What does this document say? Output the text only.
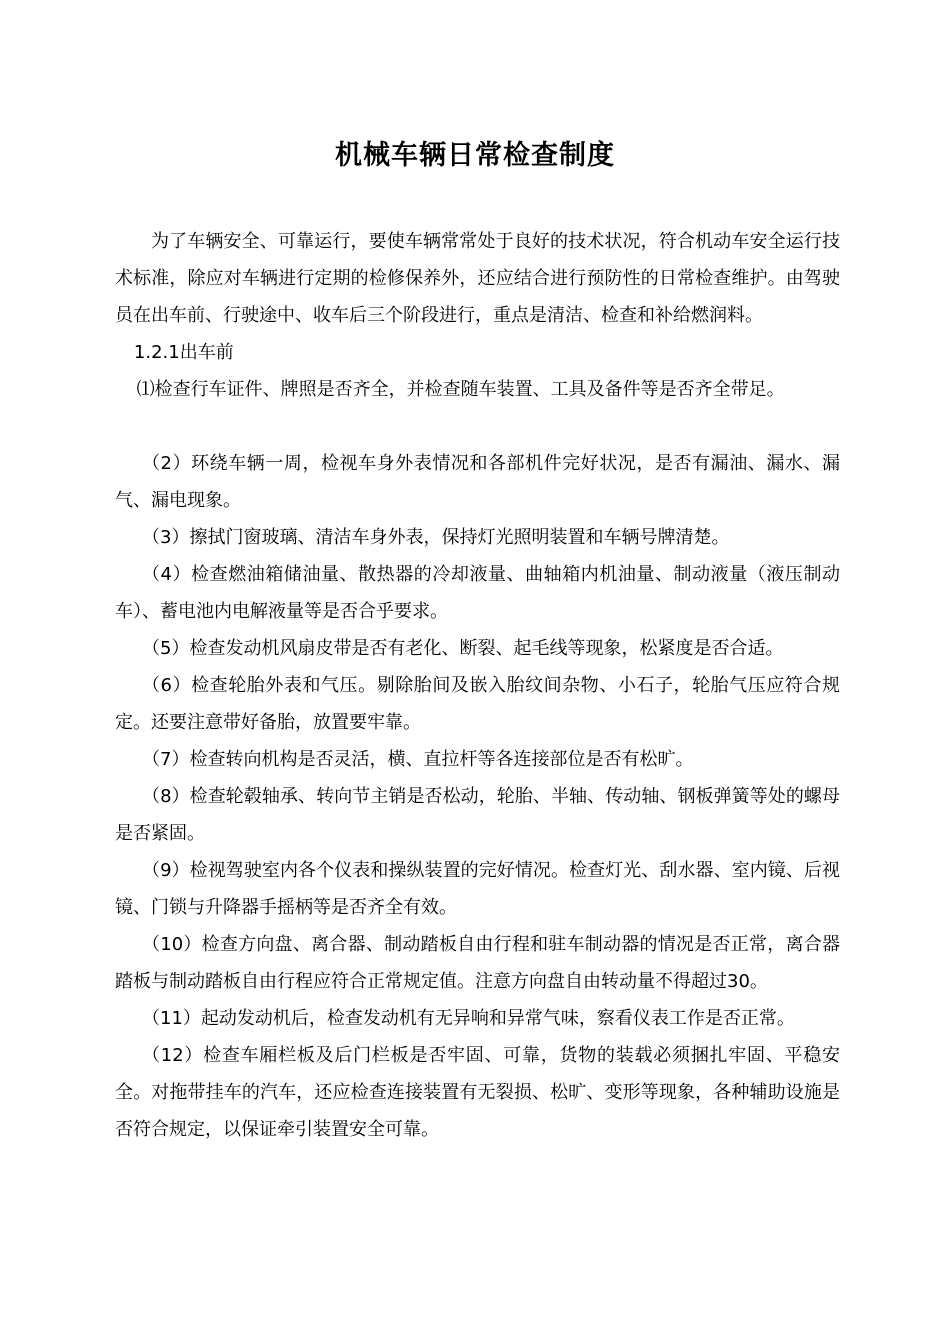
机械车辆日常检查制度

为了车辆安全、可靠运行，要使车辆常常处于良好的技术状况，符合机动车安全运行技术标准，除应对车辆进行定期的检修保养外，还应结合进行预防性的日常检查维护。由驾驶员在出车前、行驶途中、收车后三个阶段进行，重点是清洁、检查和补给燃润料。

1.2.1出车前

⑴检查行车证件、牌照是否齐全，并检查随车装置、工具及备件等是否齐全带足。

（2）环绕车辆一周，检视车身外表情况和各部机件完好状况，是否有漏油、漏水、漏气、漏电现象。

（3）擦拭门窗玻璃、清洁车身外表，保持灯光照明装置和车辆号牌清楚。

（4）检查燃油箱储油量、散热器的冷却液量、曲轴箱内机油量、制动液量（液压制动车）、蓄电池内电解液量等是否合乎要求。

（5）检查发动机风扇皮带是否有老化、断裂、起毛线等现象，松紧度是否合适。

（6）检查轮胎外表和气压。剔除胎间及嵌入胎纹间杂物、小石子，轮胎气压应符合规定。还要注意带好备胎，放置要牢靠。

（7）检查转向机构是否灵活，横、直拉杆等各连接部位是否有松旷。

（8）检查轮毂轴承、转向节主销是否松动，轮胎、半轴、传动轴、钢板弹簧等处的螺母是否紧固。

（9）检视驾驶室内各个仪表和操纵装置的完好情况。检查灯光、刮水器、室内镜、后视镜、门锁与升降器手摇柄等是否齐全有效。

（10）检查方向盘、离合器、制动踏板自由行程和驻车制动器的情况是否正常，离合器踏板与制动踏板自由行程应符合正常规定值。注意方向盘自由转动量不得超过30。

（11）起动发动机后，检查发动机有无异响和异常气味，察看仪表工作是否正常。

（12）检查车厢栏板及后门栏板是否牢固、可靠，货物的装载必须捆扎牢固、平稳安全。对拖带挂车的汽车，还应检查连接装置有无裂损、松旷、变形等现象，各种辅助设施是否符合规定，以保证牵引装置安全可靠。
